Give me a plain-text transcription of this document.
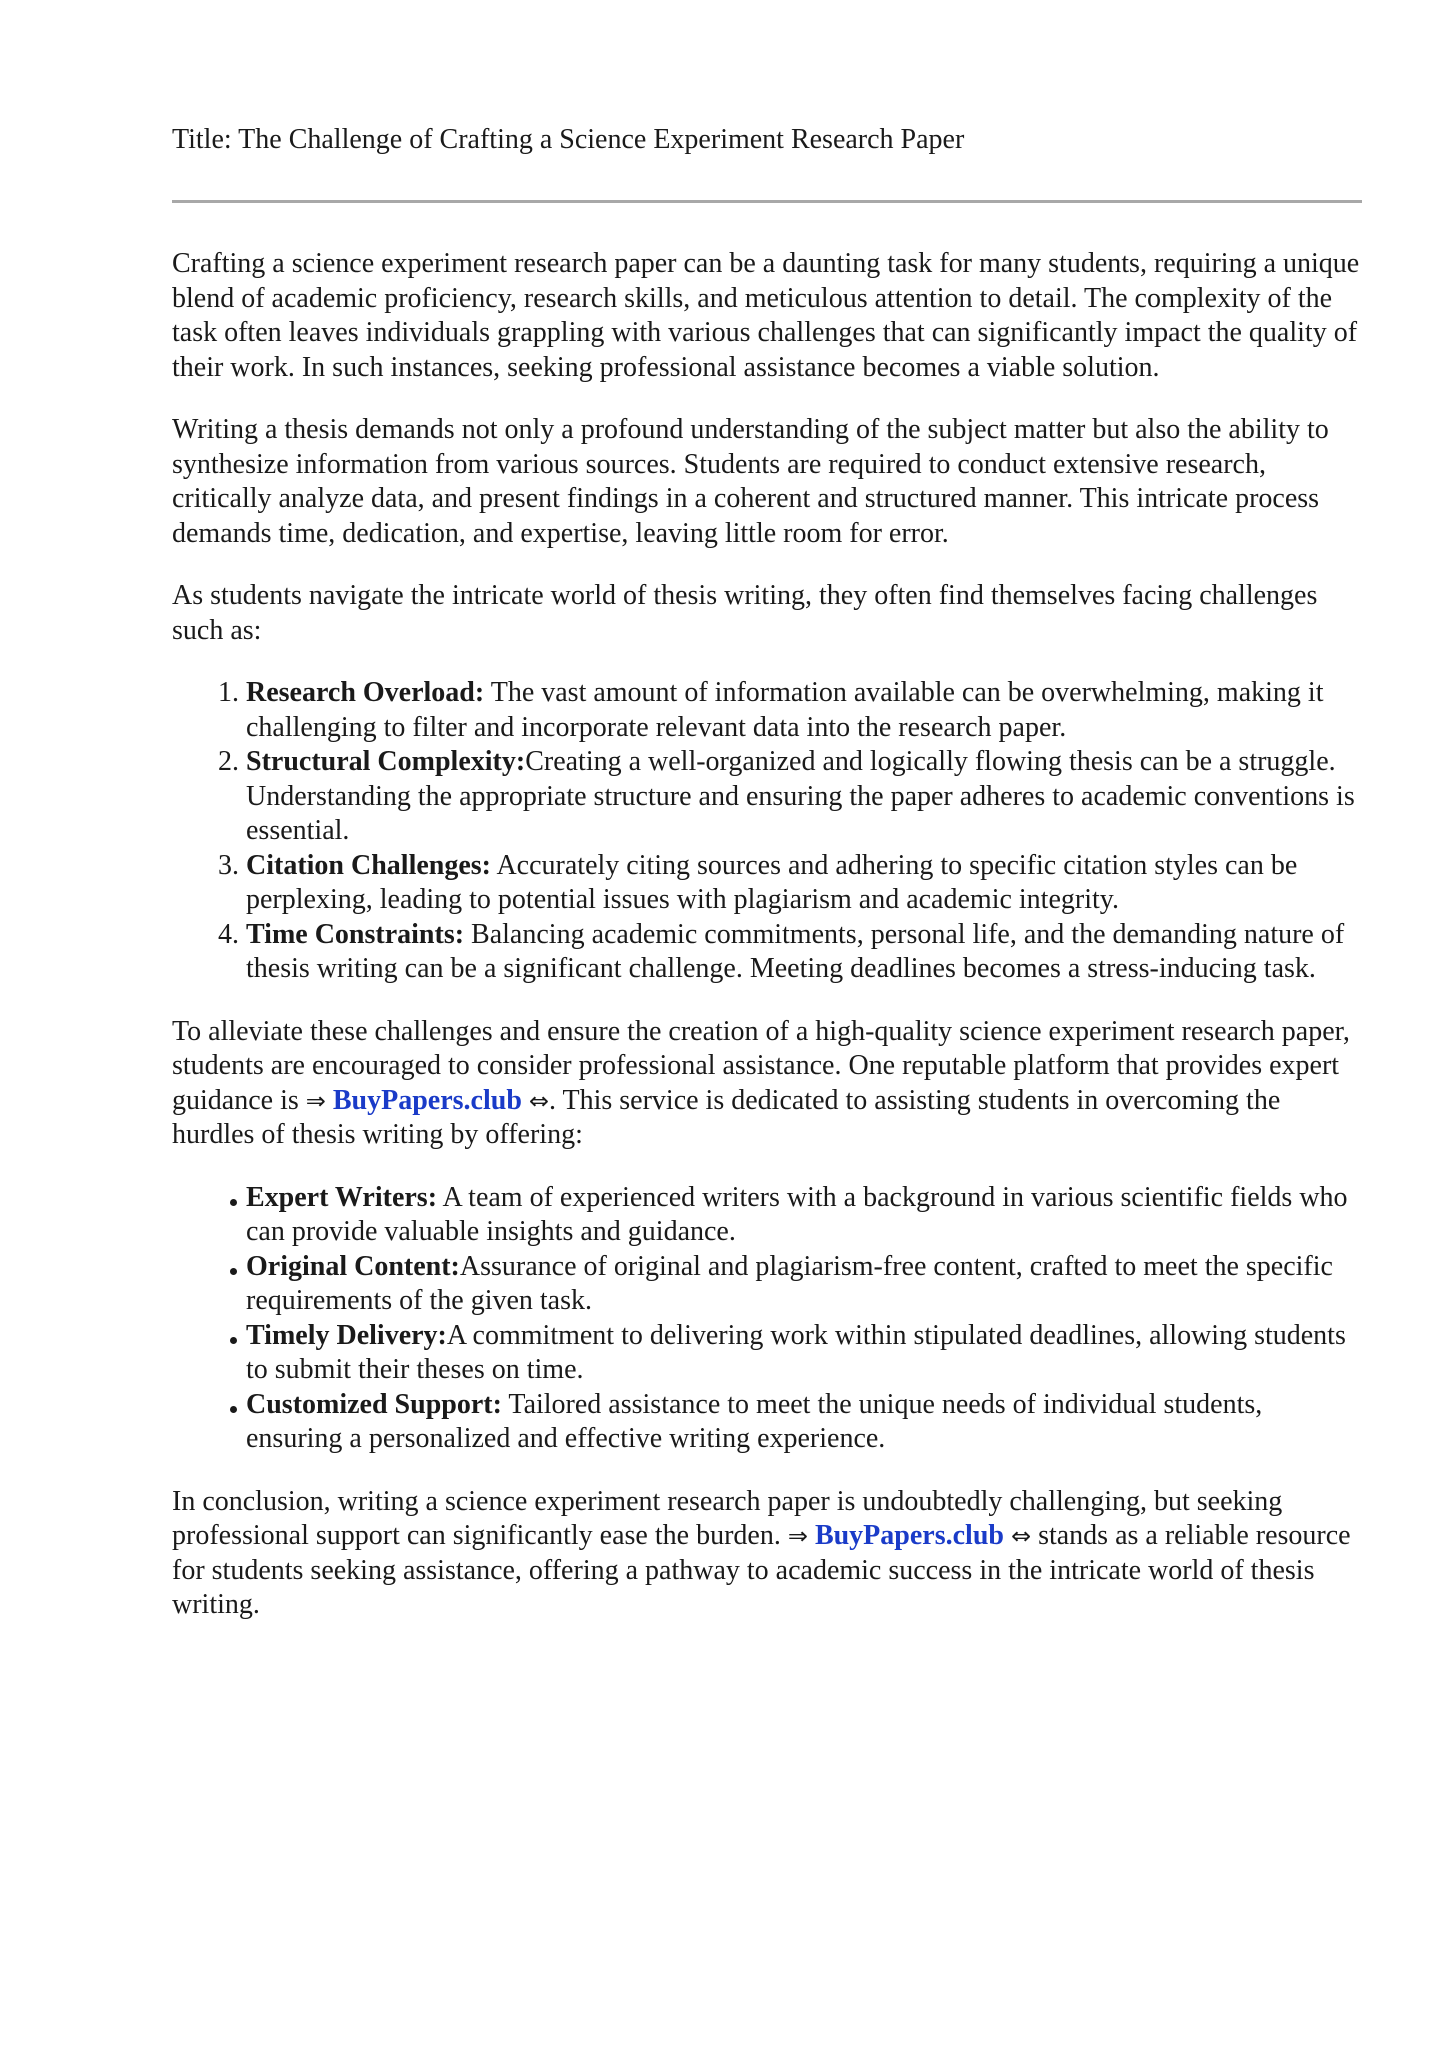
Title: The Challenge of Crafting a Science Experiment Research Paper

Crafting a science experiment research paper can be a daunting task for many students, requiring a unique blend of academic proficiency, research skills, and meticulous attention to detail. The complexity of the task often leaves individuals grappling with various challenges that can significantly impact the quality of their work. In such instances, seeking professional assistance becomes a viable solution.

Writing a thesis demands not only a profound understanding of the subject matter but also the ability to synthesize information from various sources. Students are required to conduct extensive research, critically analyze data, and present findings in a coherent and structured manner. This intricate process demands time, dedication, and expertise, leaving little room for error.

As students navigate the intricate world of thesis writing, they often find themselves facing challenges such as:

1. Research Overload: The vast amount of information available can be overwhelming, making it challenging to filter and incorporate relevant data into the research paper.
2. Structural Complexity:Creating a well-organized and logically flowing thesis can be a struggle. Understanding the appropriate structure and ensuring the paper adheres to academic conventions is essential.
3. Citation Challenges: Accurately citing sources and adhering to specific citation styles can be perplexing, leading to potential issues with plagiarism and academic integrity.
4. Time Constraints: Balancing academic commitments, personal life, and the demanding nature of thesis writing can be a significant challenge. Meeting deadlines becomes a stress-inducing task.

To alleviate these challenges and ensure the creation of a high-quality science experiment research paper, students are encouraged to consider professional assistance. One reputable platform that provides expert guidance is ⇒ BuyPapers.club ⇔. This service is dedicated to assisting students in overcoming the hurdles of thesis writing by offering:

Expert Writers: A team of experienced writers with a background in various scientific fields who can provide valuable insights and guidance.
Original Content:Assurance of original and plagiarism-free content, crafted to meet the specific requirements of the given task.
Timely Delivery:A commitment to delivering work within stipulated deadlines, allowing students to submit their theses on time.
Customized Support: Tailored assistance to meet the unique needs of individual students, ensuring a personalized and effective writing experience.

In conclusion, writing a science experiment research paper is undoubtedly challenging, but seeking professional support can significantly ease the burden. ⇒ BuyPapers.club ⇔ stands as a reliable resource for students seeking assistance, offering a pathway to academic success in the intricate world of thesis writing.
